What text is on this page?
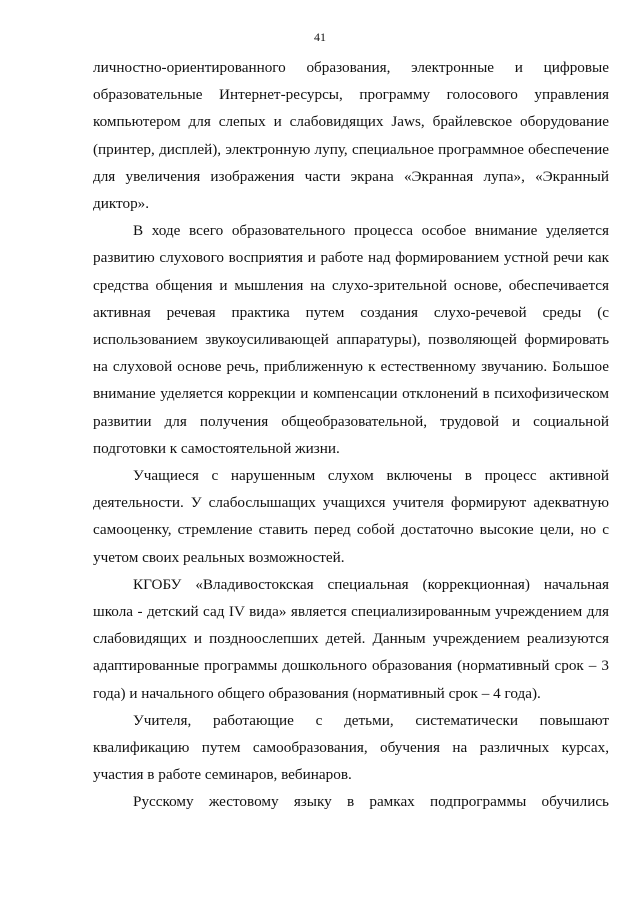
41

личностно-ориентированного образования, электронные и цифровые образовательные Интернет-ресурсы, программу голосового управления компьютером для слепых и слабовидящих Jaws, брайлевское оборудование (принтер, дисплей), электронную лупу, специальное программное обеспечение для увеличения изображения части экрана «Экранная лупа», «Экранный диктор».

В ходе всего образовательного процесса особое внимание уделяется развитию слухового восприятия и работе над формированием устной речи как средства общения и мышления на слухо-зрительной основе, обеспечивается активная речевая практика путем создания слухо-речевой среды (с использованием звукоусиливающей аппаратуры), позволяющей формировать на слуховой основе речь, приближенную к естественному звучанию. Большое внимание уделяется коррекции и компенсации отклонений в психофизическом развитии для получения общеобразовательной, трудовой и социальной подготовки к самостоятельной жизни.

Учащиеся с нарушенным слухом включены в процесс активной деятельности. У слабослышащих учащихся учителя формируют адекватную самооценку, стремление ставить перед собой достаточно высокие цели, но с учетом своих реальных возможностей.

КГОБУ «Владивостокская специальная (коррекционная) начальная школа - детский сад IV вида» является специализированным учреждением для слабовидящих и поздноослепших детей. Данным учреждением реализуются адаптированные программы дошкольного образования (нормативный срок – 3 года) и начального общего образования (нормативный срок – 4 года).

Учителя, работающие с детьми, систематически повышают квалификацию путем самообразования, обучения на различных курсах, участия в работе семинаров, вебинаров.

Русскому жестовому языку в рамках подпрограммы обучились
